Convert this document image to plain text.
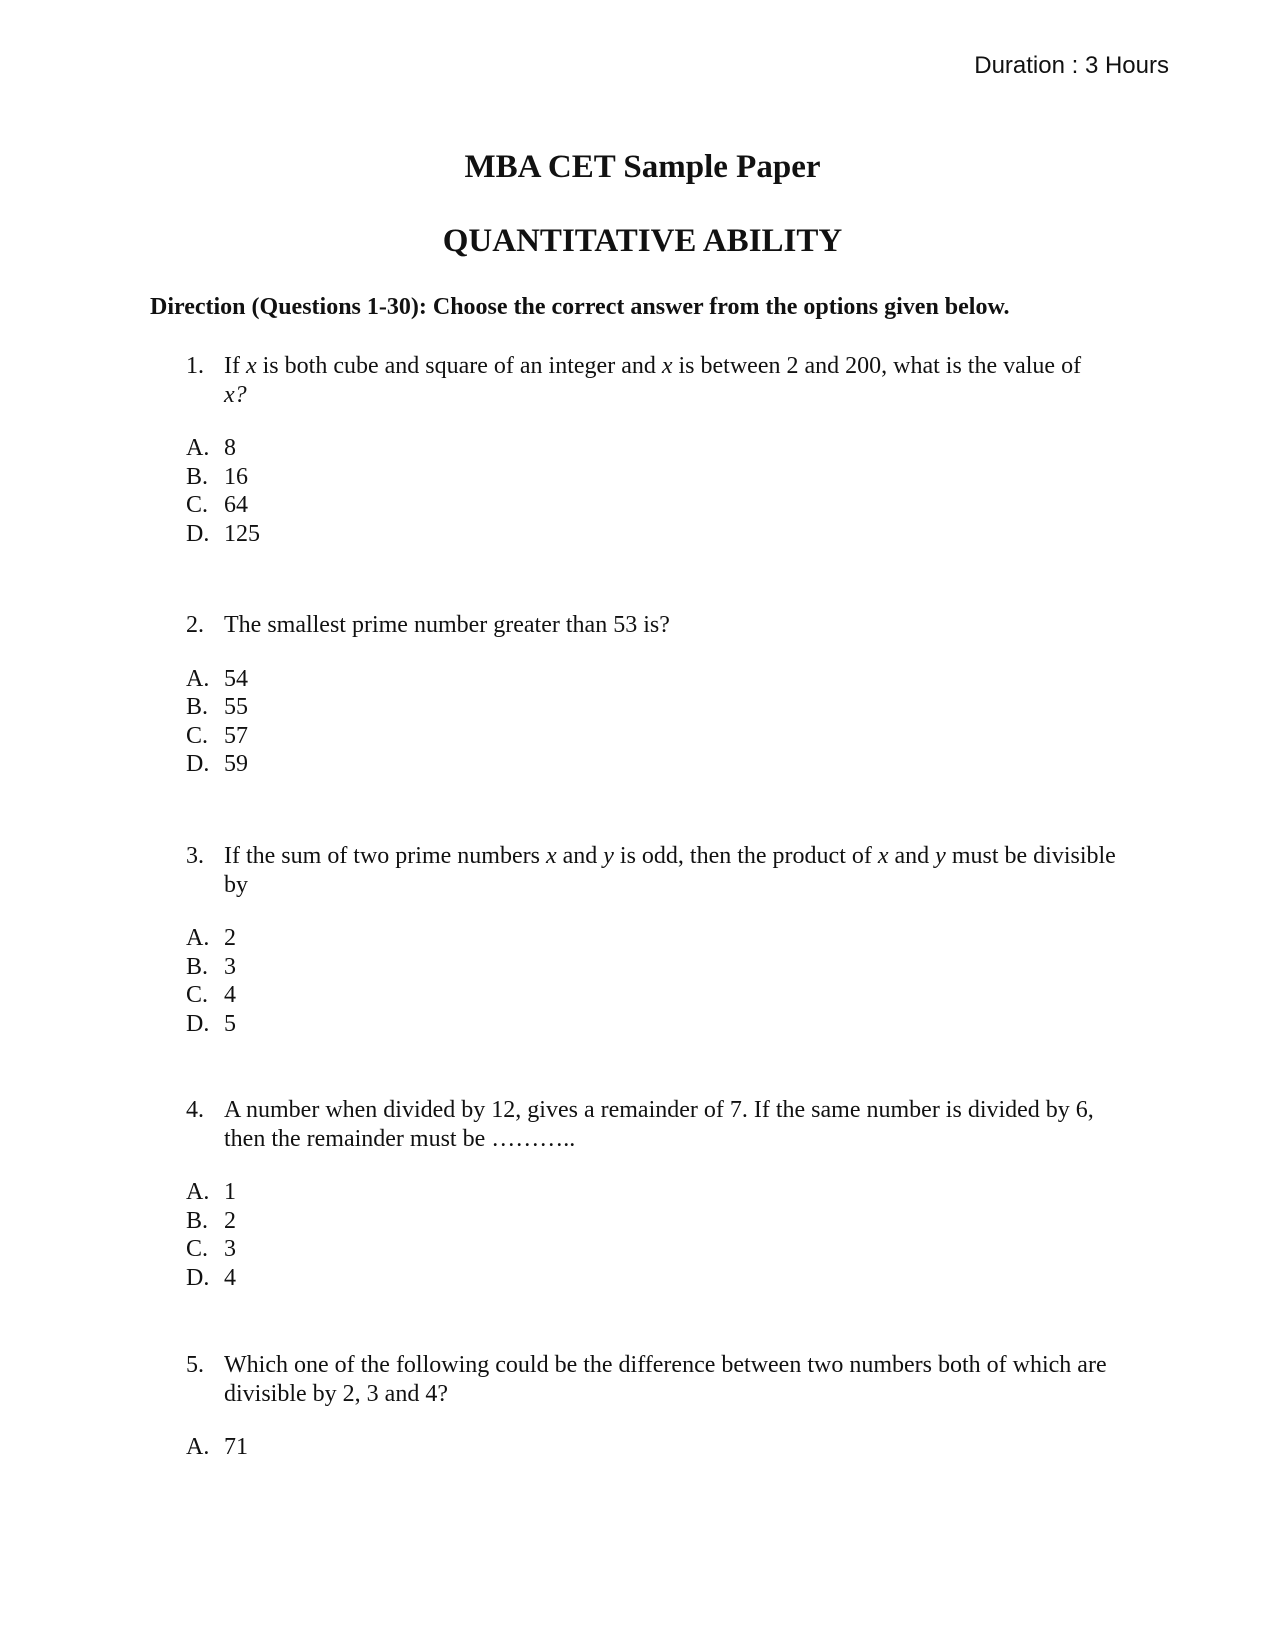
Duration : 3 Hours
MBA CET Sample Paper
QUANTITATIVE ABILITY
Direction (Questions 1-30): Choose the correct answer from the options given below.
1. If x is both cube and square of an integer and x is between 2 and 200, what is the value of
x?
A. 8
B. 16
C. 64
D. 125
2. The smallest prime number greater than 53 is?
A. 54
B. 55
C. 57
D. 59
3. If the sum of two prime numbers x and y is odd, then the product of x and y must be divisible by
A. 2
B. 3
C. 4
D. 5
4. A number when divided by 12, gives a remainder of 7. If the same number is divided by 6, then the remainder must be ………..
A. 1
B. 2
C. 3
D. 4
5. Which one of the following could be the difference between two numbers both of which are divisible by 2, 3 and 4?
A. 71
